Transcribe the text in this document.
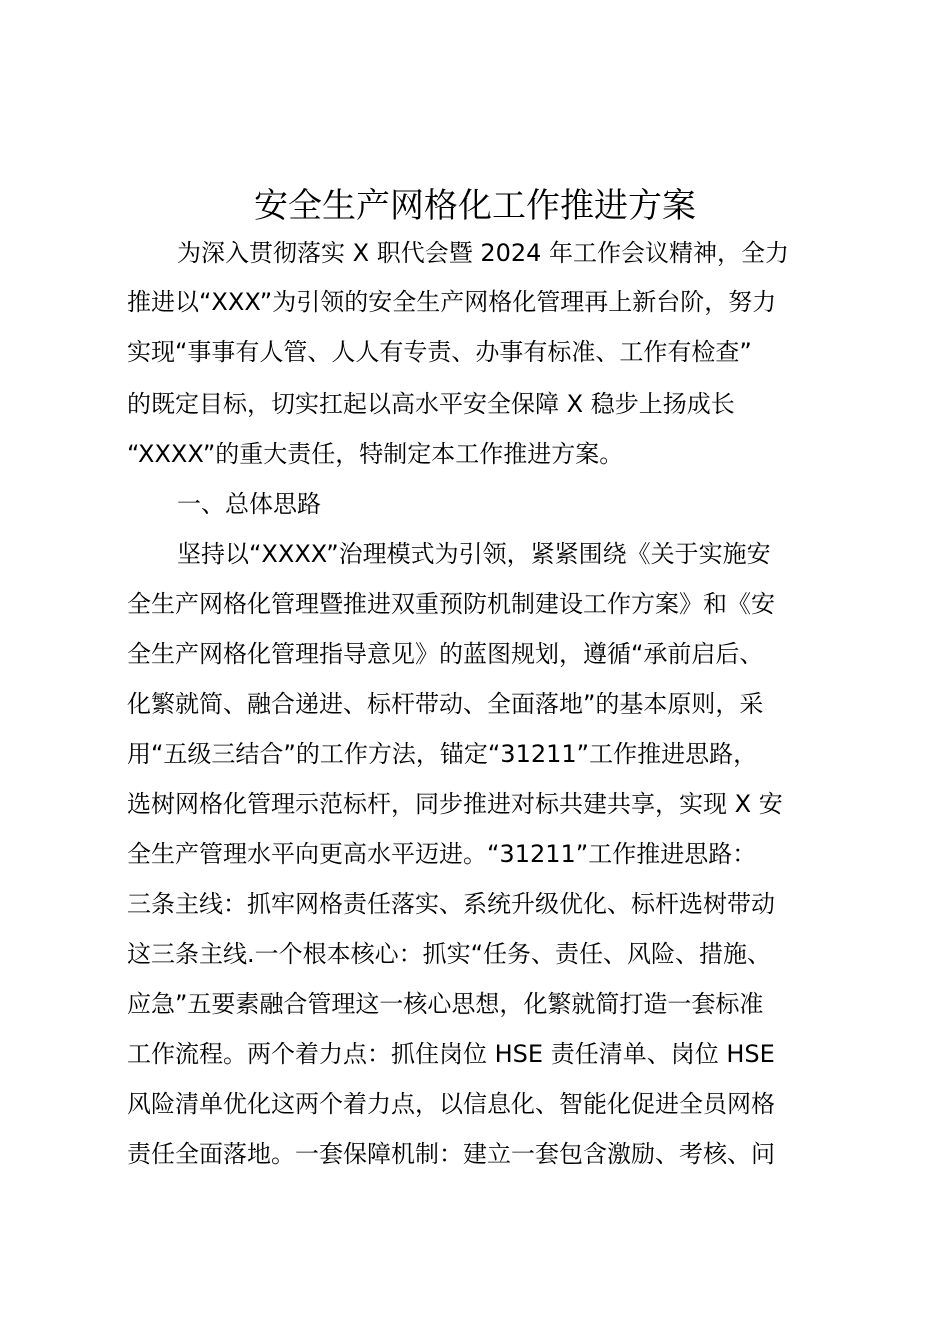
安全生产网格化工作推进方案
为深入贯彻落实 X 职代会暨 2024 年工作会议精神，全力
推进以“XXX”为引领的安全生产网格化管理再上新台阶，努力
实现“事事有人管、人人有专责、办事有标准、工作有检查”
的既定目标，切实扛起以高水平安全保障 X 稳步上扬成长
“XXXX”的重大责任，特制定本工作推进方案。
一、总体思路
坚持以“XXXX”治理模式为引领，紧紧围绕《关于实施安
全生产网格化管理暨推进双重预防机制建设工作方案》和《安
全生产网格化管理指导意见》的蓝图规划，遵循“承前启后、
化繁就简、融合递进、标杆带动、全面落地”的基本原则，采
用“五级三结合”的工作方法，锚定“31211”工作推进思路，
选树网格化管理示范标杆，同步推进对标共建共享，实现 X 安
全生产管理水平向更高水平迈进。“31211”工作推进思路：
三条主线：抓牢网格责任落实、系统升级优化、标杆选树带动
这三条主线.一个根本核心：抓实“任务、责任、风险、措施、
应急”五要素融合管理这一核心思想，化繁就简打造一套标准
工作流程。两个着力点：抓住岗位 HSE 责任清单、岗位 HSE
风险清单优化这两个着力点，以信息化、智能化促进全员网格
责任全面落地。一套保障机制：建立一套包含激励、考核、问
